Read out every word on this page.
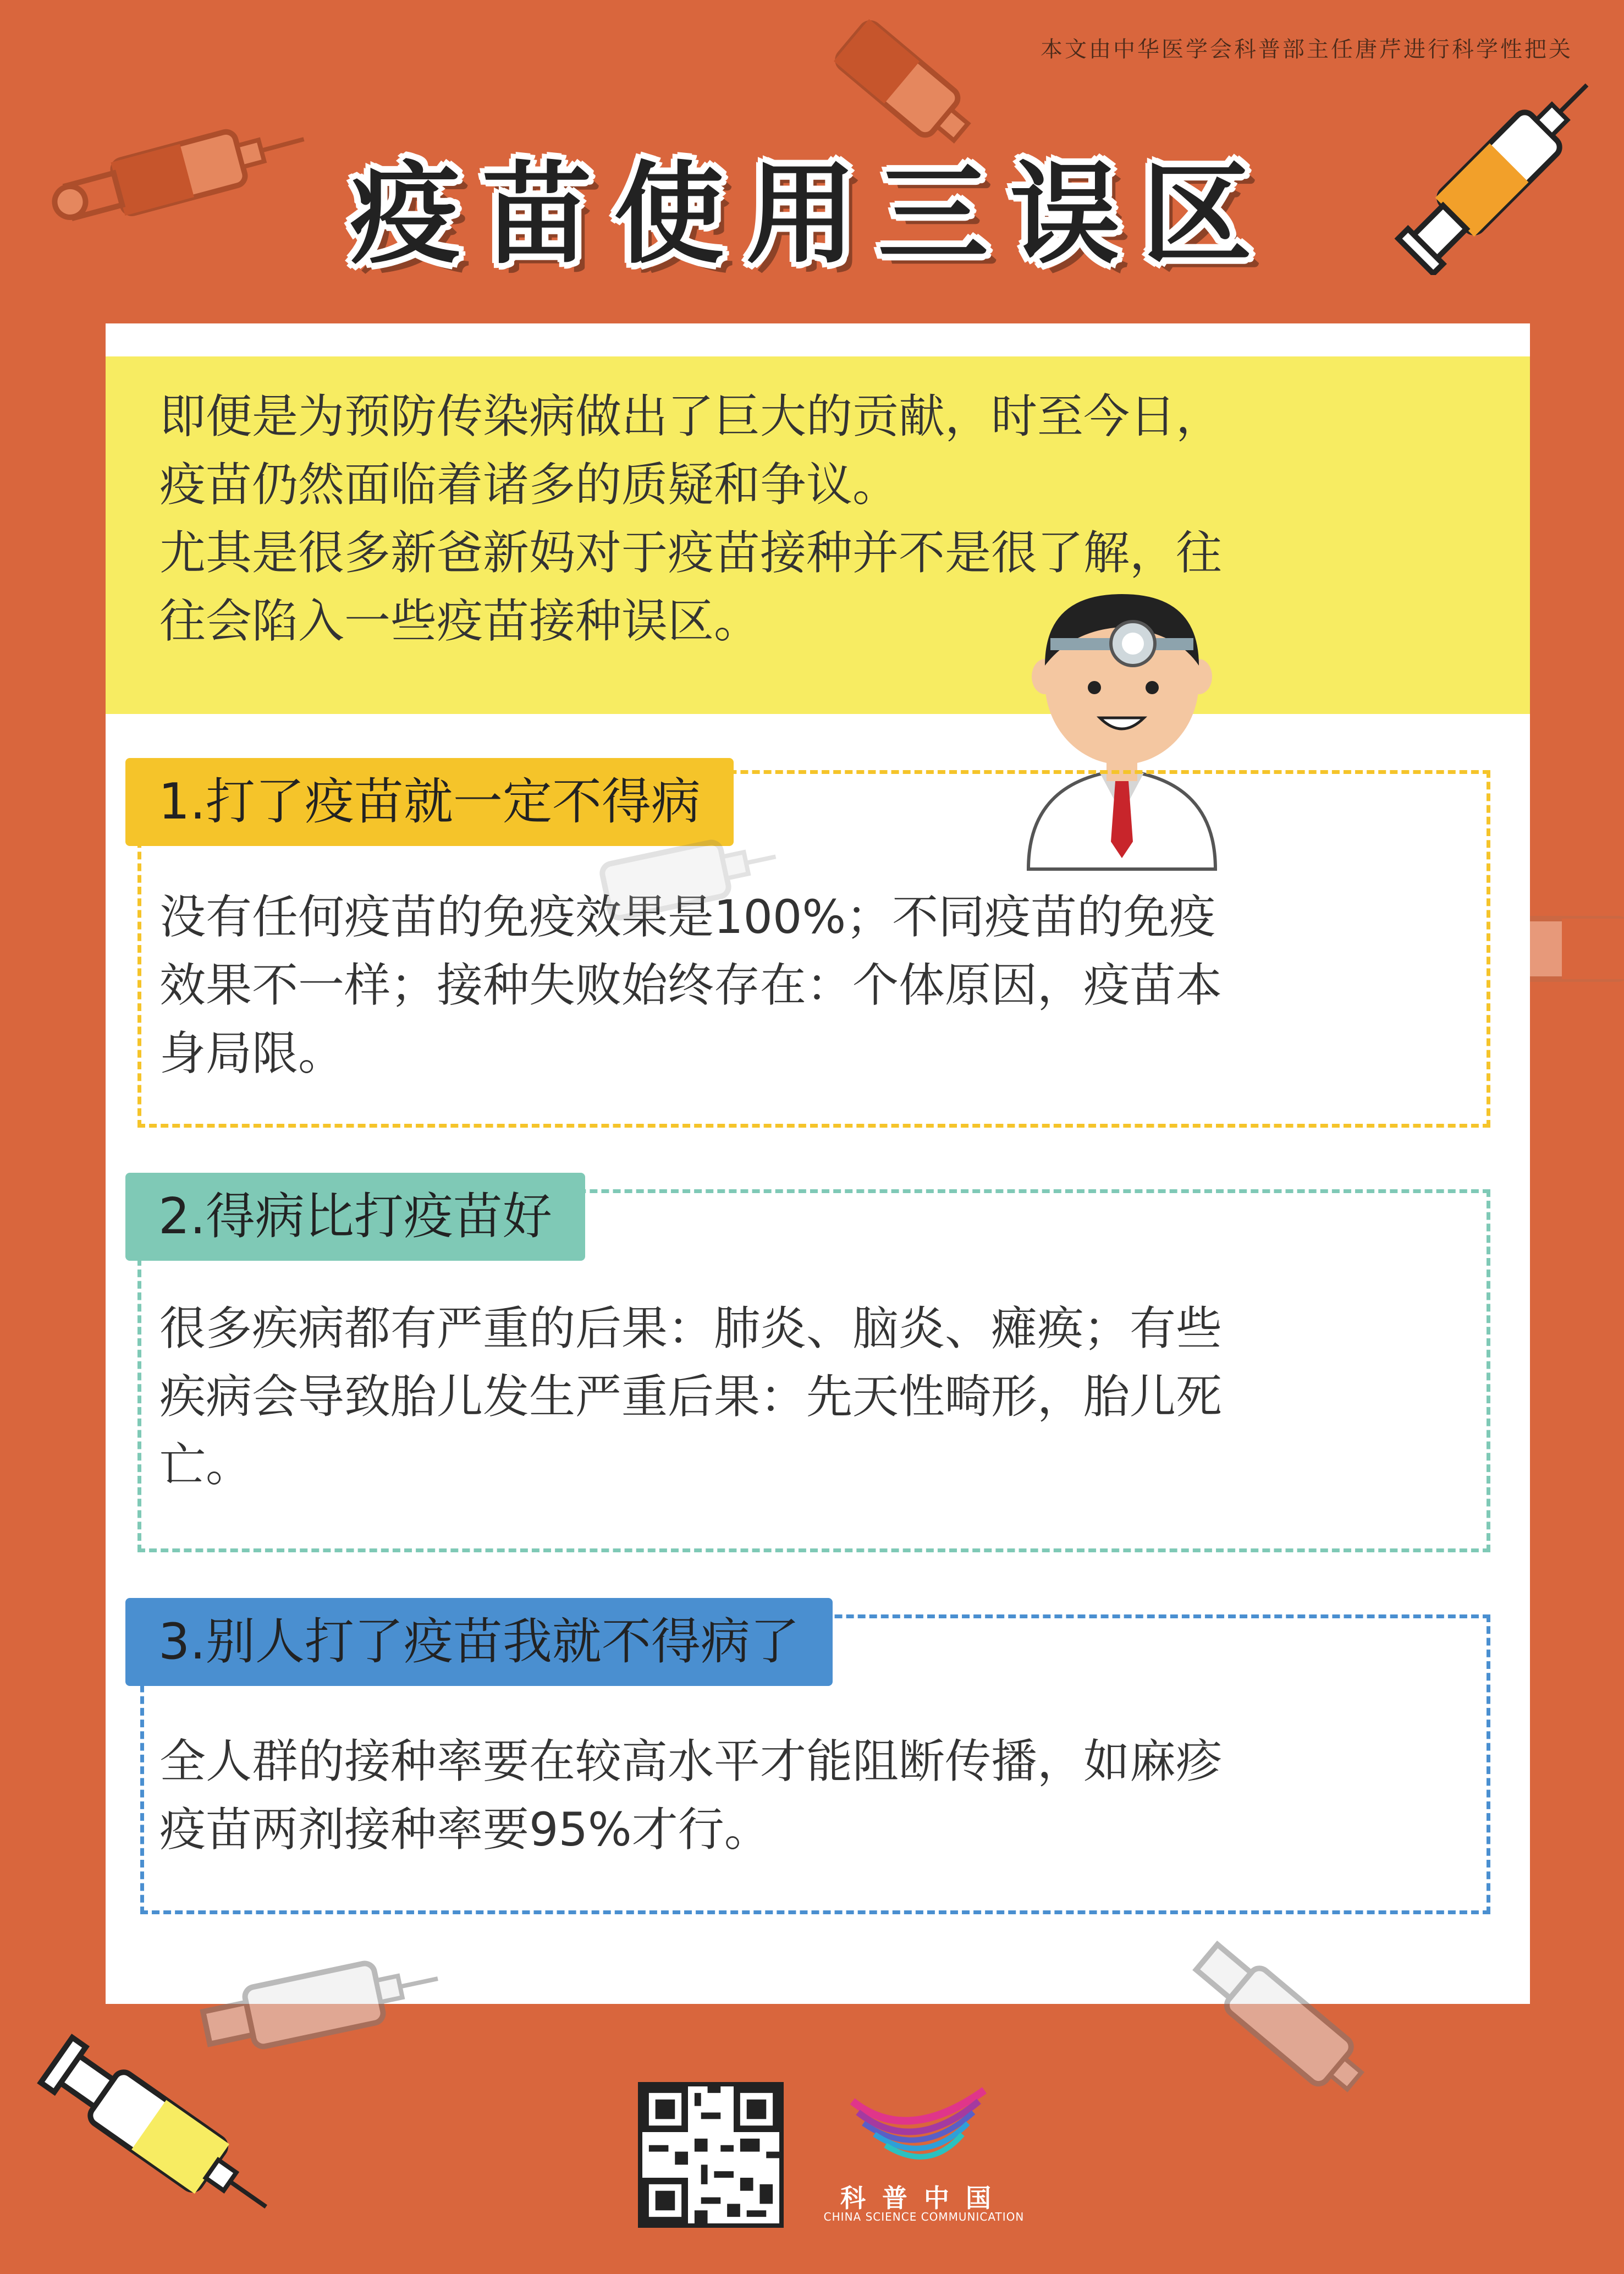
本文由中华医学会科普部主任唐芹进行科学性把关
疫苗使用三误区
即便是为预防传染病做出了巨大的贡献，时至今日，
疫苗仍然面临着诸多的质疑和争议。
尤其是很多新爸新妈对于疫苗接种并不是很了解，往
往会陷入一些疫苗接种误区。
1.打了疫苗就一定不得病
没有任何疫苗的免疫效果是100%；不同疫苗的免疫
效果不一样；接种失败始终存在：个体原因，疫苗本
身局限。
2.得病比打疫苗好
很多疾病都有严重的后果：肺炎、脑炎、瘫痪；有些
疾病会导致胎儿发生严重后果：先天性畸形，胎儿死
亡。
3.别人打了疫苗我就不得病了
全人群的接种率要在较高水平才能阻断传播，如麻疹
疫苗两剂接种率要95%才行。
科普中国
CHINA SCIENCE COMMUNICATION
